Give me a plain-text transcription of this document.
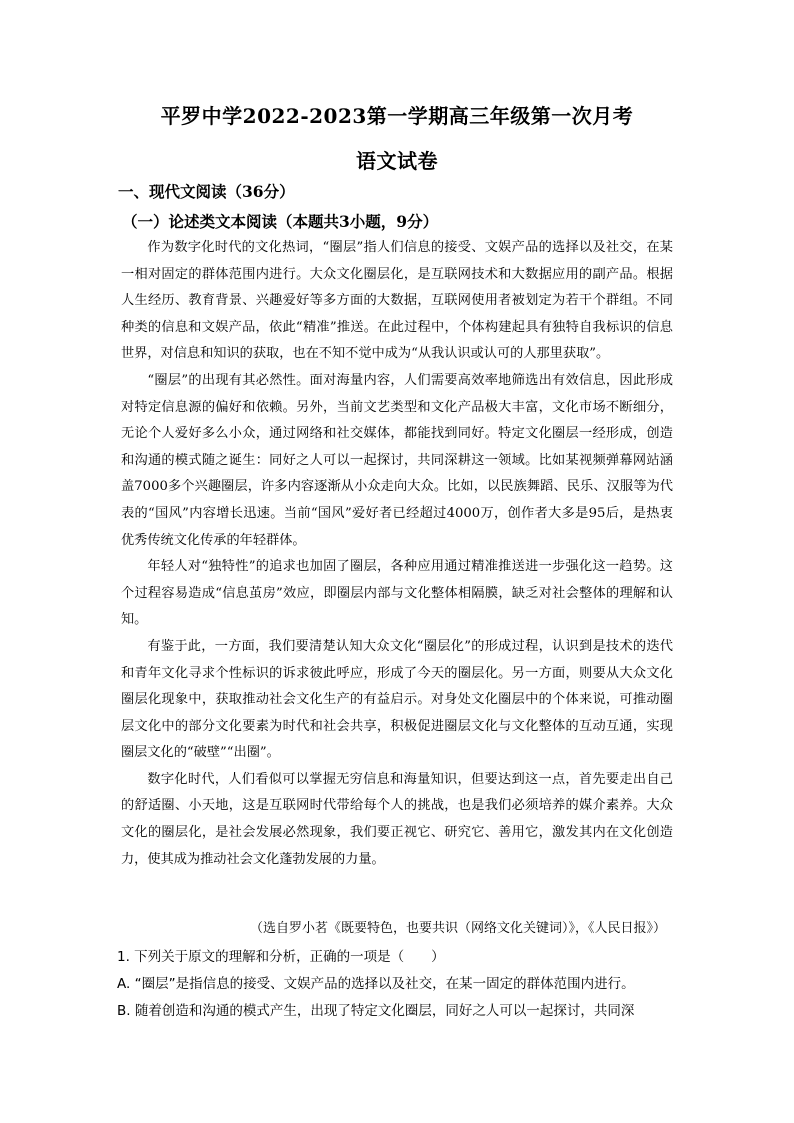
平罗中学2022-2023第一学期高三年级第一次月考
语文试卷
一、现代文阅读（36分）
（一）论述类文本阅读（本题共3小题，9分）

作为数字化时代的文化热词，“圈层”指人们信息的接受、文娱产品的选择以及社交，在某一相对固定的群体范围内进行。大众文化圈层化，是互联网技术和大数据应用的副产品。根据人生经历、教育背景、兴趣爱好等多方面的大数据，互联网使用者被划定为若干个群组。不同种类的信息和文娱产品，依此“精准”推送。在此过程中，个体构建起具有独特自我标识的信息世界，对信息和知识的获取，也在不知不觉中成为“从我认识或认可的人那里获取”。

“圈层”的出现有其必然性。面对海量内容，人们需要高效率地筛选出有效信息，因此形成对特定信息源的偏好和依赖。另外，当前文艺类型和文化产品极大丰富，文化市场不断细分，无论个人爱好多么小众，通过网络和社交媒体，都能找到同好。特定文化圈层一经形成，创造和沟通的模式随之诞生：同好之人可以一起探讨，共同深耕这一领域。比如某视频弹幕网站涵盖7000多个兴趣圈层，许多内容逐渐从小众走向大众。比如，以民族舞蹈、民乐、汉服等为代表的“国风”内容增长迅速。当前“国风”爱好者已经超过4000万，创作者大多是95后，是热衷优秀传统文化传承的年轻群体。

年轻人对“独特性”的追求也加固了圈层，各种应用通过精准推送进一步强化这一趋势。这个过程容易造成“信息茧房”效应，即圈层内部与文化整体相隔膜，缺乏对社会整体的理解和认知。

有鉴于此，一方面，我们要清楚认知大众文化“圈层化”的形成过程，认识到是技术的迭代和青年文化寻求个性标识的诉求彼此呼应，形成了今天的圈层化。另一方面，则要从大众文化圈层化现象中，获取推动社会文化生产的有益启示。对身处文化圈层中的个体来说，可推动圈层文化中的部分文化要素为时代和社会共享，积极促进圈层文化与文化整体的互动互通，实现圈层文化的“破壁”“出圈”。

数字化时代，人们看似可以掌握无穷信息和海量知识，但要达到这一点，首先要走出自己的舒适圈、小天地，这是互联网时代带给每个人的挑战，也是我们必须培养的媒介素养。大众文化的圈层化，是社会发展必然现象，我们要正视它、研究它、善用它，激发其内在文化创造力，使其成为推动社会文化蓬勃发展的力量。

（选自罗小茗《既要特色，也要共识（网络文化关键词）》，《人民日报》）

1. 下列关于原文的理解和分析，正确的一项是（　　）

A. “圈层”是指信息的接受、文娱产品的选择以及社交，在某一固定的群体范围内进行。

B. 随着创造和沟通的模式产生，出现了特定文化圈层，同好之人可以一起探讨，共同深
